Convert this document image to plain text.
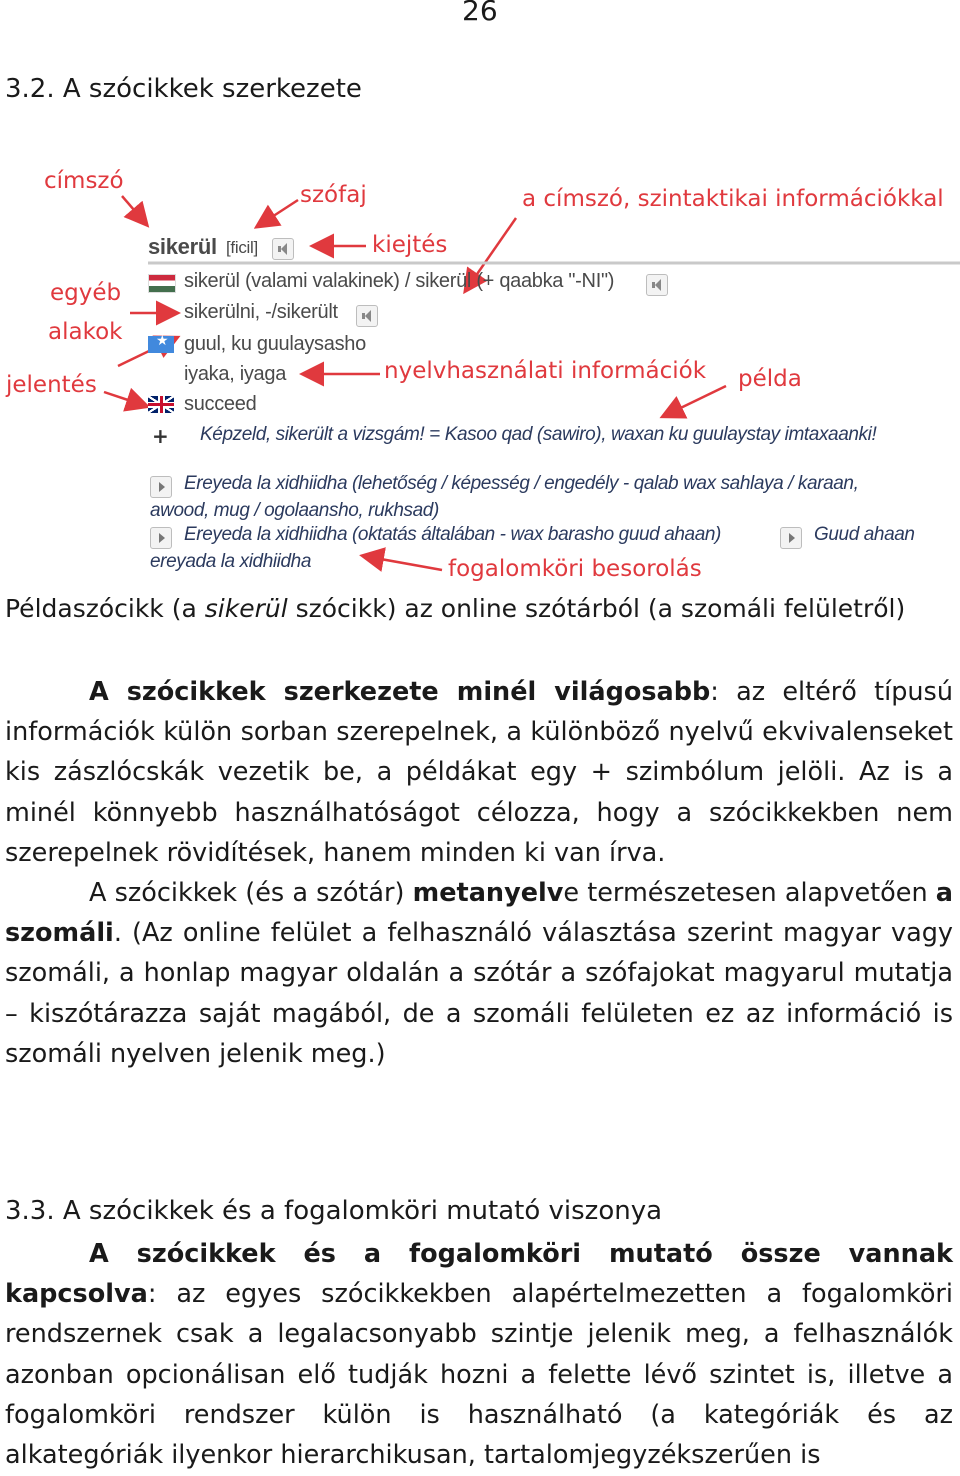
26
3.2. A szócikkek szerkezete
címszó
szófaj	a címszó, szintaktikai információkkal
kiejtés
egyéb
alakok
jelentés
nyelvhasználati információk példa
fogalomköri besorolás
sikerül [ficil]
sikerül (valami valakinek) / sikerül (+ qaabka "-NI")
sikerülni, -/sikerült
★
guul, ku guulaysasho
iyaka, iyaga
succeed
+ Képzeld, sikerült a vizsgám! = Kasoo qad (sawiro), waxan ku guulaystay imtaxaanki!
Ereyeda la xidhiidha (lehetőség / képesség / engedély - qalab wax sahlaya / karaan,
awood, mug / ogolaansho, rukhsad)
Ereyeda la xidhiidha (oktatás általában - wax barasho guud ahaan)	Guud ahaan
ereyada la xidhiidha
Példaszócikk (a sikerül szócikk) az online szótárból (a szomáli felületről)

A szócikkek szerkezete minél világosabb: az eltérő típusú információk külön sorban szerepelnek, a különböző nyelvű ekvivalenseket kis zászlócskák vezetik be, a példákat egy + szimbólum jelöli. Az is a minél könnyebb használhatóságot célozza, hogy a szócikkekben nem szerepelnek rövidítések, hanem minden ki van írva.

A szócikkek (és a szótár) metanyelve természetesen alapvetően a szomáli. (Az online felület a felhasználó választása szerint magyar vagy szomáli, a honlap magyar oldalán a szótár a szófajokat magyarul mutatja – kiszótárazza saját magából, de a szomáli felületen ez az információ is szomáli nyelven jelenik meg.)

3.3. A szócikkek és a fogalomköri mutató viszonya

A szócikkek és a fogalomköri mutató össze vannak kapcsolva: az egyes szócikkekben alapértelmezetten a fogalomköri rendszernek csak a legalacsonyabb szintje jelenik meg, a felhasználók azonban opcionálisan elő tudják hozni a felette lévő szintet is, illetve a fogalomköri rendszer külön is használható (a kategóriák és az alkategóriák ilyenkor hierarchikusan, tartalomjegyzékszerűen is
